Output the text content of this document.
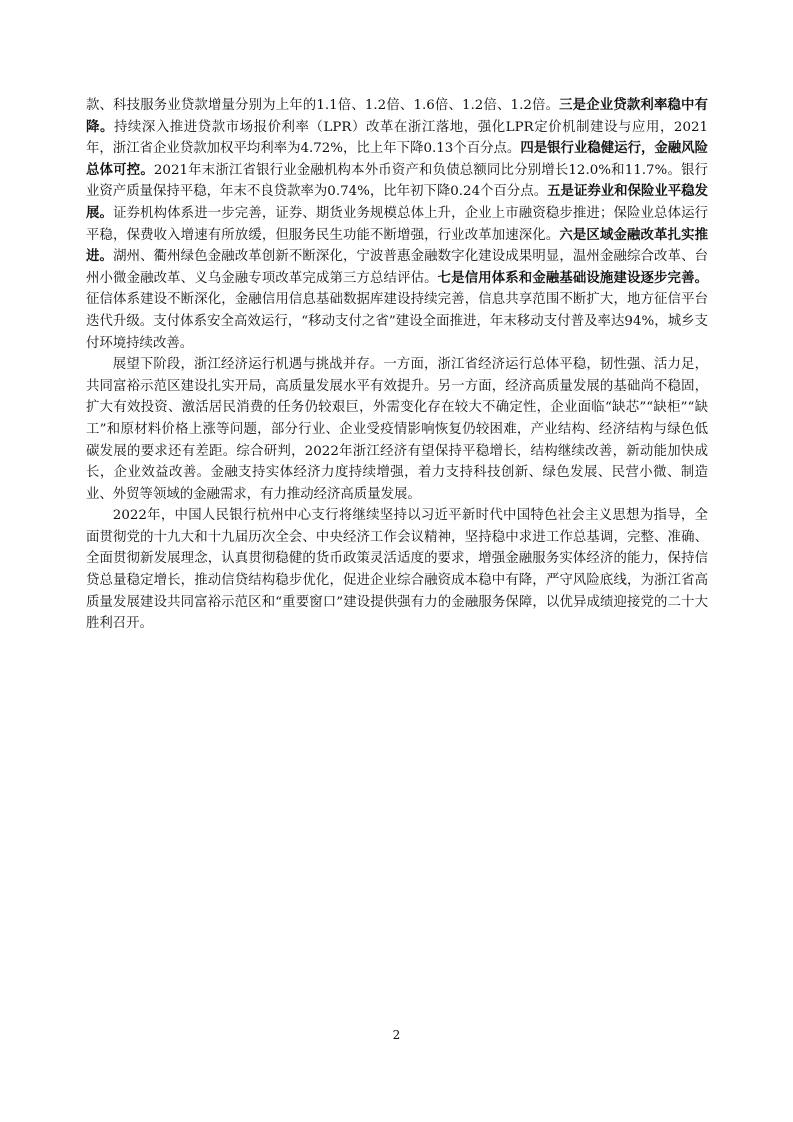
款、科技服务业贷款增量分别为上年的1.1倍、1.2倍、1.6倍、1.2倍、1.2倍。三是企业贷款利率稳中有降。持续深入推进贷款市场报价利率（LPR）改革在浙江落地，强化LPR定价机制建设与应用，2021年，浙江省企业贷款加权平均利率为4.72%，比上年下降0.13个百分点。四是银行业稳健运行，金融风险总体可控。2021年末浙江省银行业金融机构本外币资产和负债总额同比分别增长12.0%和11.7%。银行业资产质量保持平稳，年末不良贷款率为0.74%，比年初下降0.24个百分点。五是证券业和保险业平稳发展。证券机构体系进一步完善，证券、期货业务规模总体上升，企业上市融资稳步推进；保险业总体运行平稳，保费收入增速有所放缓，但服务民生功能不断增强，行业改革加速深化。六是区域金融改革扎实推进。湖州、衢州绿色金融改革创新不断深化，宁波普惠金融数字化建设成果明显，温州金融综合改革、台州小微金融改革、义乌金融专项改革完成第三方总结评估。七是信用体系和金融基础设施建设逐步完善。征信体系建设不断深化，金融信用信息基础数据库建设持续完善，信息共享范围不断扩大，地方征信平台迭代升级。支付体系安全高效运行，“移动支付之省”建设全面推进，年末移动支付普及率达94%，城乡支付环境持续改善。

展望下阶段，浙江经济运行机遇与挑战并存。一方面，浙江省经济运行总体平稳，韧性强、活力足，共同富裕示范区建设扎实开局，高质量发展水平有效提升。另一方面，经济高质量发展的基础尚不稳固，扩大有效投资、激活居民消费的任务仍较艰巨，外需变化存在较大不确定性，企业面临“缺芯”“缺柜”“缺工”和原材料价格上涨等问题，部分行业、企业受疫情影响恢复仍较困难，产业结构、经济结构与绿色低碳发展的要求还有差距。综合研判，2022年浙江经济有望保持平稳增长，结构继续改善，新动能加快成长，企业效益改善。金融支持实体经济力度持续增强，着力支持科技创新、绿色发展、民营小微、制造业、外贸等领域的金融需求，有力推动经济高质量发展。

2022年，中国人民银行杭州中心支行将继续坚持以习近平新时代中国特色社会主义思想为指导，全面贯彻党的十九大和十九届历次全会、中央经济工作会议精神，坚持稳中求进工作总基调，完整、准确、全面贯彻新发展理念，认真贯彻稳健的货币政策灵活适度的要求，增强金融服务实体经济的能力，保持信贷总量稳定增长，推动信贷结构稳步优化，促进企业综合融资成本稳中有降，严守风险底线，为浙江省高质量发展建设共同富裕示范区和“重要窗口”建设提供强有力的金融服务保障，以优异成绩迎接党的二十大胜利召开。

2
